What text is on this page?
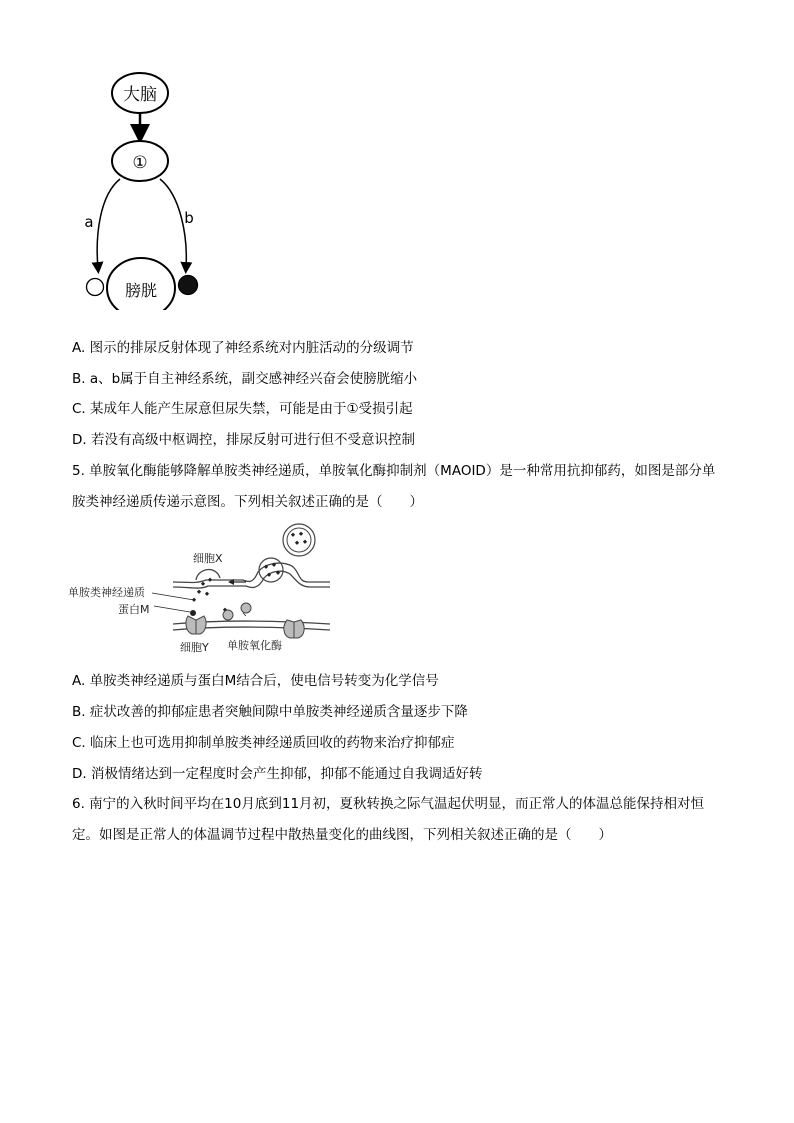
大脑
①
a	b
膀胱
A. 图示的排尿反射体现了神经系统对内脏活动的分级调节
B. a、b属于自主神经系统，副交感神经兴奋会使膀胱缩小
C. 某成年人能产生尿意但尿失禁，可能是由于①受损引起
D. 若没有高级中枢调控，排尿反射可进行但不受意识控制
5. 单胺氧化酶能够降解单胺类神经递质，单胺氧化酶抑制剂（MAOID）是一种常用抗抑郁药，如图是部分单胺类神经递质传递示意图。下列相关叙述正确的是（　　）
细胞X
单胺类神经递质
蛋白M
细胞Y 单胺氧化酶
A. 单胺类神经递质与蛋白M结合后，使电信号转变为化学信号
B. 症状改善的抑郁症患者突触间隙中单胺类神经递质含量逐步下降
C. 临床上也可选用抑制单胺类神经递质回收的药物来治疗抑郁症
D. 消极情绪达到一定程度时会产生抑郁，抑郁不能通过自我调适好转
6. 南宁的入秋时间平均在10月底到11月初，夏秋转换之际气温起伏明显，而正常人的体温总能保持相对恒定。如图是正常人的体温调节过程中散热量变化的曲线图，下列相关叙述正确的是（　　）
